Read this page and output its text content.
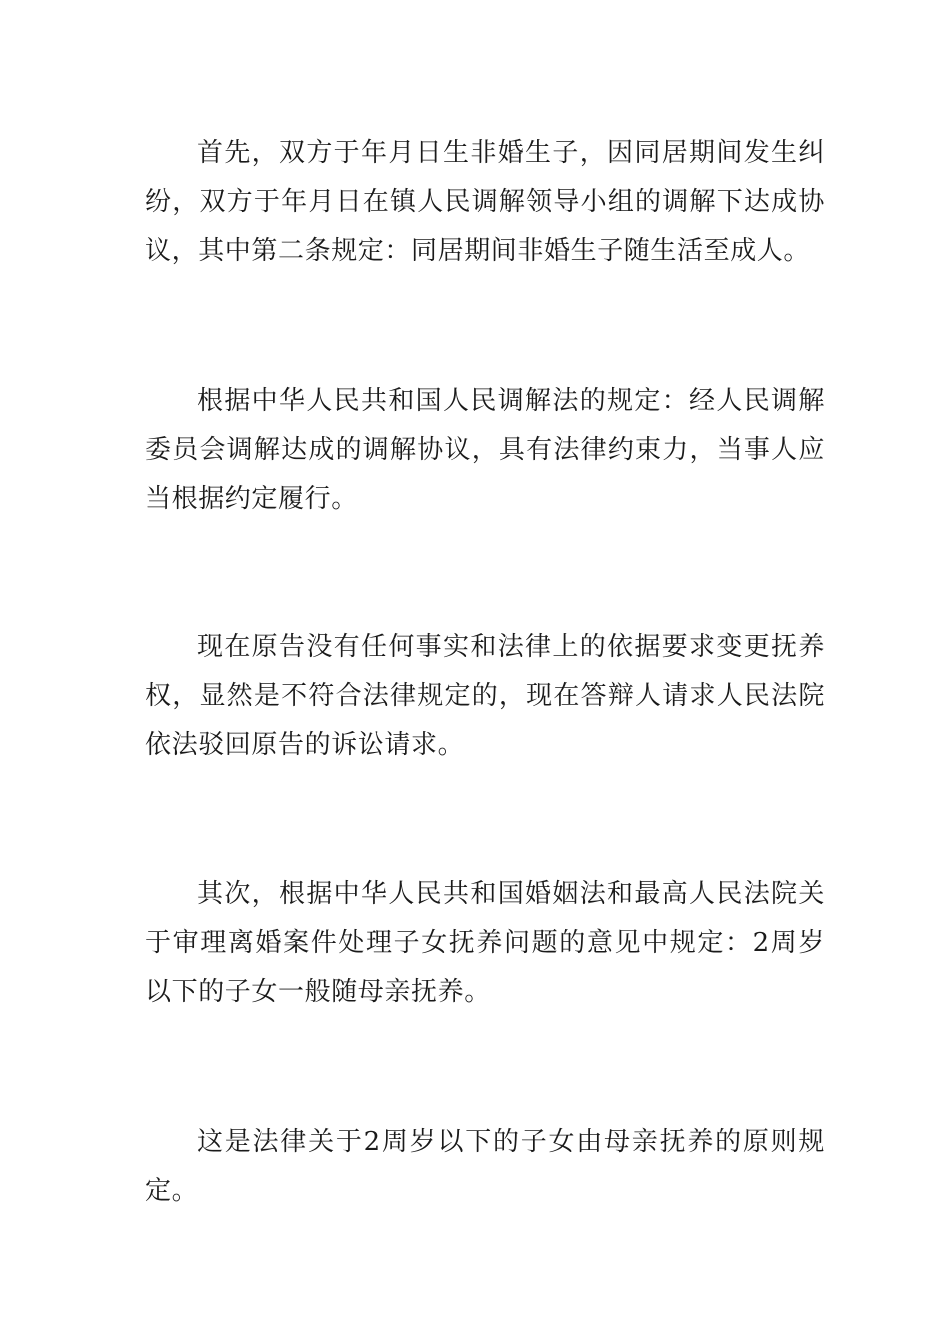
首先，双方于年月日生非婚生子，因同居期间发生纠纷，双方于年月日在镇人民调解领导小组的调解下达成协议，其中第二条规定：同居期间非婚生子随生活至成人。

根据中华人民共和国人民调解法的规定：经人民调解委员会调解达成的调解协议，具有法律约束力，当事人应当根据约定履行。

现在原告没有任何事实和法律上的依据要求变更抚养权，显然是不符合法律规定的，现在答辩人请求人民法院依法驳回原告的诉讼请求。

其次，根据中华人民共和国婚姻法和最高人民法院关于审理离婚案件处理子女抚养问题的意见中规定：2周岁以下的子女一般随母亲抚养。

这是法律关于2周岁以下的子女由母亲抚养的原则规定。
